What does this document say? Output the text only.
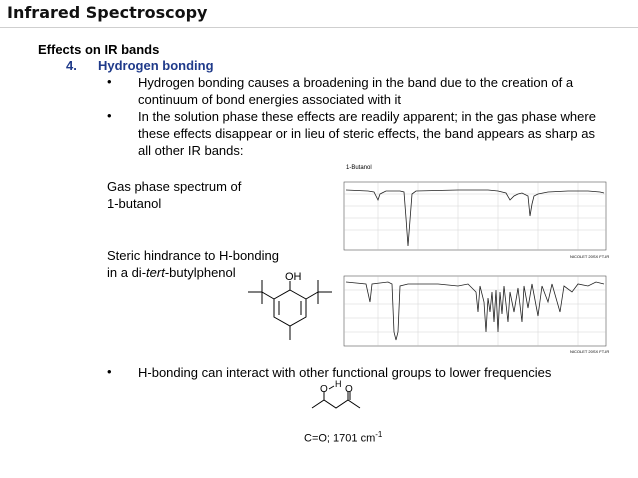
Infrared Spectroscopy
Effects on IR bands
4. Hydrogen bonding
• Hydrogen bonding causes a broadening in the band due to the creation of a continuum of bond energies associated with it
• In the solution phase these effects are readily apparent; in the gas phase where these effects disappear or in lieu of steric effects, the band appears as sharp as all other IR bands:
Gas phase spectrum of
1-butanol
Steric hindrance to H-bonding
in a di-tert-butylphenol	OH
1-Butanol
NICOLET 20SX FT-IR
NICOLET 20SX FT-IR
• H-bonding can interact with other functional groups to lower frequencies
O H O
C=O; 1701 $cm^{-1}$
